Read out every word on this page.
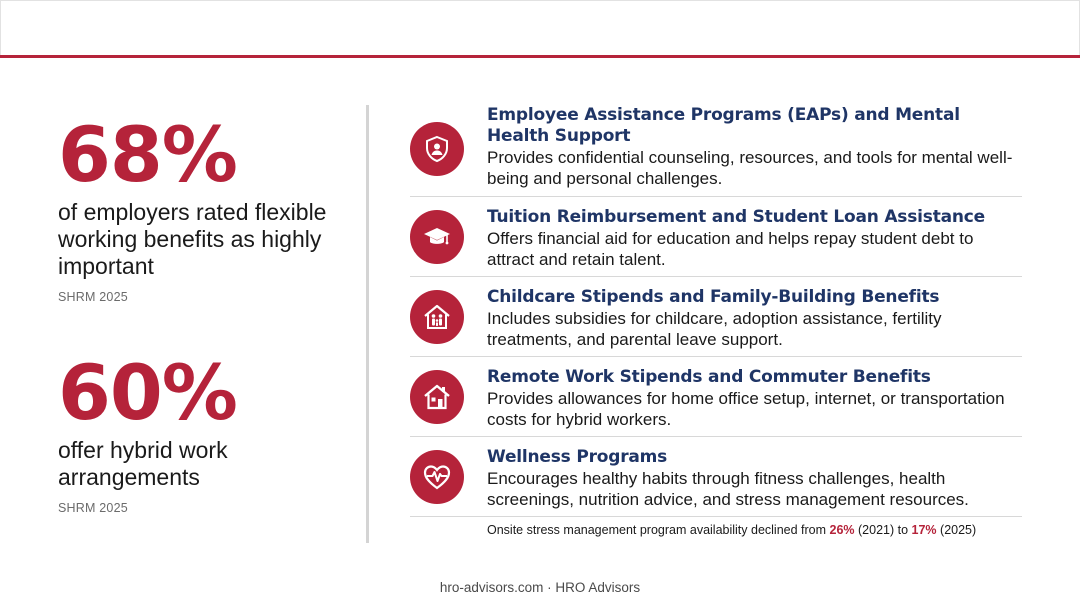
68%
of employers rated flexible working benefits as highly important
SHRM 2025
60%
offer hybrid work arrangements
SHRM 2025
Employee Assistance Programs (EAPs) and Mental Health Support
Provides confidential counseling, resources, and tools for mental well-being and personal challenges.
Tuition Reimbursement and Student Loan Assistance
Offers financial aid for education and helps repay student debt to attract and retain talent.
Childcare Stipends and Family-Building Benefits
Includes subsidies for childcare, adoption assistance, fertility treatments, and parental leave support.
Remote Work Stipends and Commuter Benefits
Provides allowances for home office setup, internet, or transportation costs for hybrid workers.
Wellness Programs
Encourages healthy habits through fitness challenges, health screenings, nutrition advice, and stress management resources.
Onsite stress management program availability declined from 26% (2021) to 17% (2025)
hro-advisors.com · HRO Advisors
